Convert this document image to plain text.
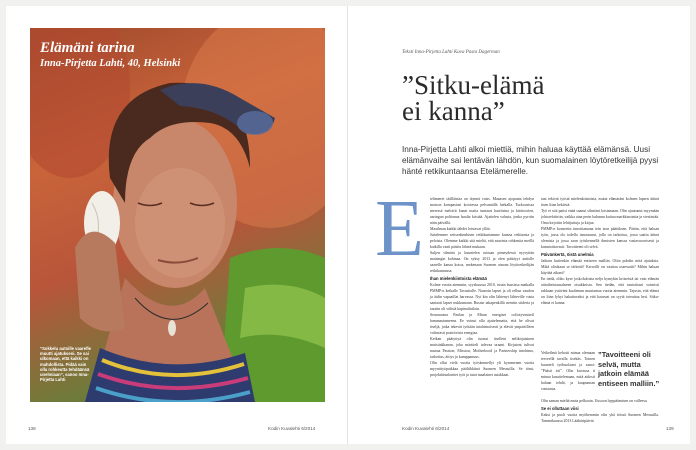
Elämäni tarina
Inna-Pirjetta Lahti, 40, Helsinki
”Sokkelu autoille vaarefle muutti ajatukseni. Se sai ulkomaan, että kaikki on mahdollista. Pidäá vain olla rohkeutta tehdäänsä unelmiaan”, sanoo Inna-Pirjetta Lahti
138	Kodin Kuvalehti 6/2014
Teksti Inna-Pirjetta Lahti Kuva Pasta Dagerman
”Sitku-elämä
ei kanna”
Inna-Pirjetta Lahti alkoi miettiä, mihin haluaa käyttää elämänsä. Uusi elämänvaihe sai lentävän lähdön, kun suomalainen löytöretkeilijä pyysi hänté retkikuntaansa Etelämerelle.
E telämeret täälläisiaa on täynnä vaiss. Maaasen ajopanta tehdyn matcon kompasiasi koiotessa pelvamällä hiekalla. Turkoosissa meressä meloitit kanat maita tuntarat harriisina ja kärtioorien, aaringon polttanaa huulia kristää. Ajattelen valasta, jonka pyrriin näin päivällä.

Maailman kaikki tähdet loistavat yllää.

Juttelemme seitsenhenkisen retkikuntamme kanssa retkiaasta ja peloista. Olemme kaikki sitä mieltä, että suurinta rohkeutta meillä kaikilla vaati päätös lähteä mukaan.

Suljen silmäni ja kuuntelen ruttuan pimeydessä nyyryitän maisingin kohinaa. On syksy 2013 ja olen päättyyt autiolle saarelle kanaa kotoa, mekenaan Suomen ainoan löytöretkeilijän retkikunnassa.

Ihan mielenkiintoista elämää

Kolme vuotta aiemmin, syyskuussa 2010, istuin bussissa matkalla PMMP:n keikalle Tavastialle. Nauroin lapset ja oli rellun vaudon ja äidin vapaaillat harvassa. Nyt kin olin lähtenyt lähteville vasta santaati lapset nukkumaan. Bussin takapenkillä aventin siideria ja tasaiin oli välisiä kapinailuiloin.

Seuraavana Paulan ja Miran energiset ooliotyvmiseil hammastumeena. Ee voinut olla ajattelematta, että he olivat itseljä, jotka tekevät työtään intohimoisesti ja elävät ympäriilleen valtavasti positiivista energiaa.

Keikan päätyttyä olin tuonut itselleni nelikirjaisinen muistiakkanan, joka märitteli tulevaa uraani. Kirjatoni tulivat nauraa Passion, Mission, Motherhood ja Partnership intohimo, tarkoitus, äitiys ja kumppanuus.

Olin ollut vielä vuotta työskennellyt yli kymmenen vuotta myyntityöpaikkaa pääliikkiinä Suomen Messuilla. Se tömi, projektitiunlontiet työt ja tutat maalainet asiakkaat.

taat tekivät työstä mielenkiintoista, mutta elämäräni kolmen lapsen äitinä itsen liian hektistä.

Työ ei sitä paitsi enää saanut silmiäni loistamaan. Olin ajautunut myymään johtotehtäviin, vaikka aina perin halunnu kuitua markkinointia ja viestintää. Oma kirjoitin lehtijuttuja ja kirjaa.

PMMP:n konsertin innoittamana teín ison päätöksen. Päätin, että haluan työn, jossa olo todella innostunut, jolla on tarkoitus, jossa saatin äitinä olemista ja jossa saan työskennellä ihmisten kanssa vastavuoroisesti ja kunnioittavasti. Tavoitteeni oli selvä.

Päivänkertä, öistä unelmia

Jatkoin kuitenkin elämää entiseen malliin. Oliin pohdin mitä ajatuksia. Mikä olisikaan se tärkeää? Kerroilli on vaattaa osaessatit? Mihin haluan käyttää aikani?

En tiedä, oliko kyse joskoluloista nelja kymykin kriiseistä tai vain elämän aittaiheistaasalneen otsakkeista. Sen tiedän, että tuntoittani voimisti rakkaan ystäväni kuoleman muutamaa vuotta aiemmin. Tajusin, että elämä on liian lyhyt hakattavaksi ja että kaavuat on syytä toteuttaa heti. Sitku-elämä ei kanna.

Veikeilmä kehotti minua olemaan terveellä tavalla itsekäs. Toinen kuunteli työhuolaani ja sanoi: ”Päästi irti”. Olin kuvassa tt minua kasuttelemaan, mitä aidosti haluan tehdä, ja kaupunnan vastausta.

”Tavoitteeni oli selvä, mutta jatkoin elämää entiseen malliin.”

Olin saman mieltä muta pelkoain. Uusoon hyppäämisen on valleesa.

Se ei olluttaan viisi

Kaksi ja puoli vuotta myöhemmin olin yhä töissä Suomen Messuilla. Tammikuussa 2013 Lääkäripäivät

Kodin Kuvalehti 6/2014	139
